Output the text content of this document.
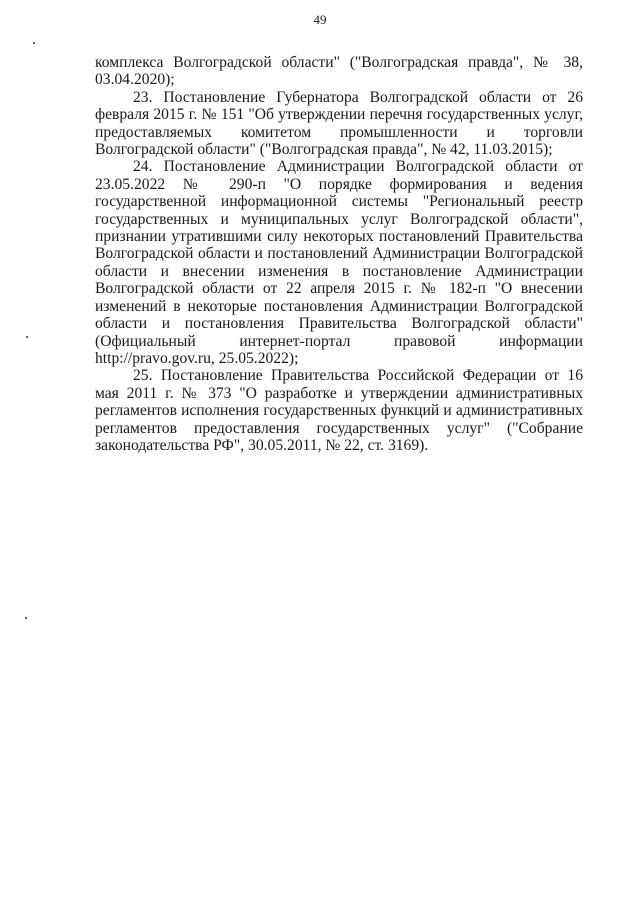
49

комплекса Волгоградской области" ("Волгоградская правда", № 38, 03.04.2020);

23. Постановление Губернатора Волгоградской области от 26 февраля 2015 г. № 151 "Об утверждении перечня государственных услуг, предоставляемых комитетом промышленности и торговли Волгоградской области" ("Волгоградская правда", № 42, 11.03.2015);

24. Постановление Администрации Волгоградской области от 23.05.2022 № 290-п "О порядке формирования и ведения государственной информационной системы "Региональный реестр государственных и муниципальных услуг Волгоградской области", признании утратившими силу некоторых постановлений Правительства Волгоградской области и постановлений Администрации Волгоградской области и внесении изменения в постановление Администрации Волгоградской области от 22 апреля 2015 г. № 182-п "О внесении изменений в некоторые постановления Администрации Волгоградской области и постановления Правительства Волгоградской области" (Официальный интернет-портал правовой информации http://pravo.gov.ru, 25.05.2022);

25. Постановление Правительства Российской Федерации от 16 мая 2011 г. № 373 "О разработке и утверждении административных регламентов исполнения государственных функций и административных регламентов предоставления государственных услуг" ("Собрание законодательства РФ", 30.05.2011, № 22, ст. 3169).
